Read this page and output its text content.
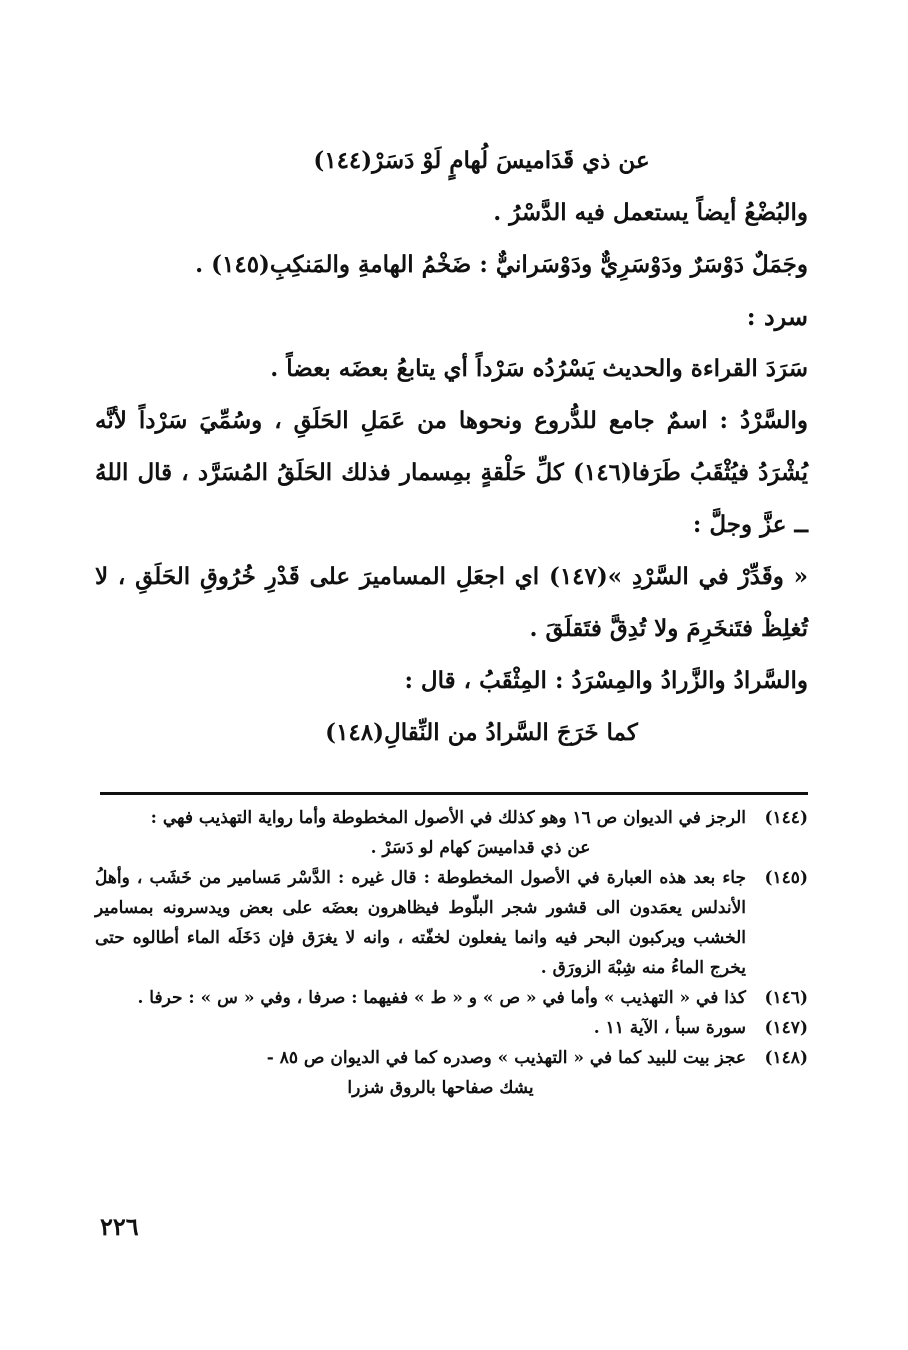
عن ذي قَدَاميسَ لُهامٍ لَوْ دَسَرْ(١٤٤)

والبُضْعُ أيضاً يستعمل فيه الدَّسْرُ .

وجَمَلٌ دَوْسَرٌ ودَوْسَرِيٌّ ودَوْسَرانيٌّ : ضَخْمُ الهامةِ والمَنكِبِ(١٤٥) .

سرد :

سَرَدَ القراءة والحديث يَسْرُدُه سَرْداً أي يتابعُ بعضَه بعضاً .

والسَّرْدُ : اسمٌ جامع للدُّروع ونحوها من عَمَلِ الحَلَقِ ، وسُمِّيَ سَرْداً لأنَّه يُشْرَدُ فيُثْقَبُ طَرَفا(١٤٦) كلِّ حَلْقةٍ بمِسمار فذلك الحَلَقُ المُسَرَّد ، قال اللهُ ــ عزَّ وجلَّ :

« وقَدِّرْ في السَّرْدِ »(١٤٧) اي اجعَلِ المساميرَ على قَدْرِ خُرُوقِ الحَلَقِ ، لا تُغلِظْ فتَنخَرِمَ ولا تُدِقَّ فتَقلَقَ .

والسَّرادُ والزَّرادُ والمِسْرَدُ : المِثْقَبُ ، قال :

كما خَرَجَ السَّرادُ من النِّقالِ(١٤٨)

(١٤٤)
الرجز في الديوان ص ١٦ وهو كذلك في الأصول المخطوطة وأما رواية التهذيب فهي :
عن ذي قداميسَ كهام لو دَسَرْ .
(١٤٥)
جاء بعد هذه العبارة في الأصول المخطوطة : قال غيره : الدَّسْر مَسامير من خَشَب ، وأهلُ الأندلس يعمَدون الى قشور شجر البلّوط فيظاهرون بعضَه على بعض ويدسرونه بمسامير الخشب ويركبون البحر فيه وانما يفعلون لخفّته ، وانه لا يغرَق فإن دَخَلَه الماء أطالوه حتى يخرج الماءُ منه شِبْهَ الزورَق .
(١٤٦)
كذا في « التهذيب » وأما في « ص » و « ط » ففيهما : صرفا ، وفي « س » : حرفا .
(١٤٧)
سورة سبأ ، الآية ١١ .
(١٤٨)
عجز بيت للبيد كما في « التهذيب » وصدره كما في الديوان ص ٨٥ -
يشك صفاحها بالروق شزرا
٢٢٦
